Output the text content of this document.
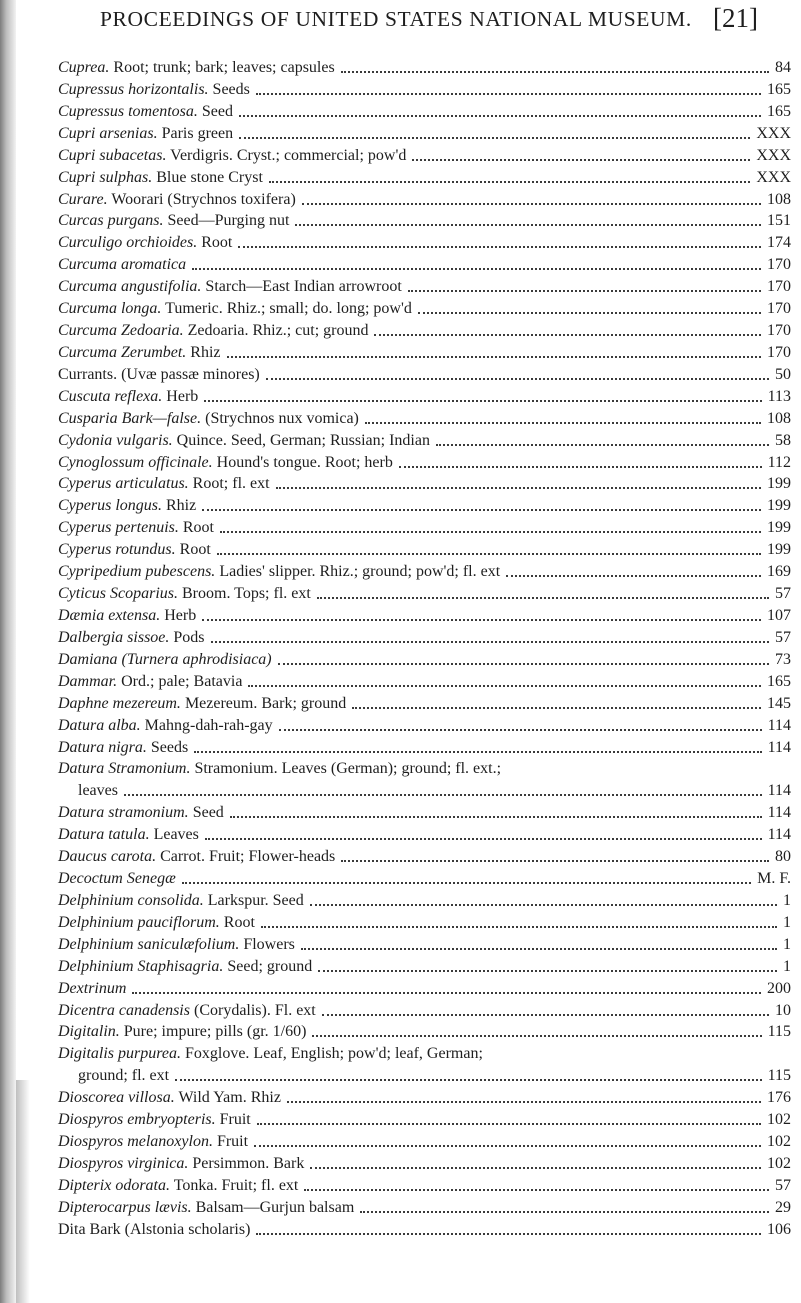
PROCEEDINGS OF UNITED STATES NATIONAL MUSEUM. [21]
Cuprea. Root; trunk; bark; leaves; capsules	84
Cupressus horizontalis. Seeds	165
Cupressus tomentosa. Seed	165
Cupri arsenias. Paris green	XXX
Cupri subacetas. Verdigris. Cryst.; commercial; pow'd	XXX
Cupri sulphas. Blue stone Cryst	XXX
Curare. Woorari (Strychnos toxifera)	108
Curcas purgans. Seed—Purging nut	151
Curculigo orchioides. Root	174
Curcuma aromatica	170
Curcuma angustifolia. Starch—East Indian arrowroot	170
Curcuma longa. Tumeric. Rhiz.; small; do. long; pow'd	170
Curcuma Zedoaria. Zedoaria. Rhiz.; cut; ground	170
Curcuma Zerumbet. Rhiz	170
Currants. (Uvæ passæ minores)	50
Cuscuta reflexa. Herb	113
Cusparia Bark—false. (Strychnos nux vomica)	108
Cydonia vulgaris. Quince. Seed, German; Russian; Indian	58
Cynoglossum officinale. Hound's tongue. Root; herb	112
Cyperus articulatus. Root; fl. ext	199
Cyperus longus. Rhiz	199
Cyperus pertenuis. Root	199
Cyperus rotundus. Root	199
Cypripedium pubescens. Ladies' slipper. Rhiz.; ground; pow'd; fl. ext	169
Cyticus Scoparius. Broom. Tops; fl. ext	57
Dæmia extensa. Herb	107
Dalbergia sissoe. Pods	57
Damiana (Turnera aphrodisiaca)	73
Dammar. Ord.; pale; Batavia	165
Daphne mezereum. Mezereum. Bark; ground	145
Datura alba. Mahng-dah-rah-gay	114
Datura nigra. Seeds	114
Datura Stramonium. Stramonium. Leaves (German); ground; fl. ext.;
leaves	114
Datura stramonium. Seed	114
Datura tatula. Leaves	114
Daucus carota. Carrot. Fruit; Flower-heads	80
Decoctum Senegæ	M. F.
Delphinium consolida. Larkspur. Seed	1
Delphinium pauciflorum. Root	1
Delphinium saniculæfolium. Flowers	1
Delphinium Staphisagria. Seed; ground	1
Dextrinum	200
Dicentra canadensis (Corydalis). Fl. ext	10
Digitalin. Pure; impure; pills (gr. 1/60)	115
Digitalis purpurea. Foxglove. Leaf, English; pow'd; leaf, German;
ground; fl. ext	115
Dioscorea villosa. Wild Yam. Rhiz	176
Diospyros embryopteris. Fruit	102
Diospyros melanoxylon. Fruit	102
Diospyros virginica. Persimmon. Bark	102
Dipterix odorata. Tonka. Fruit; fl. ext	57
Dipterocarpus lævis. Balsam—Gurjun balsam	29
Dita Bark (Alstonia scholaris)	106
